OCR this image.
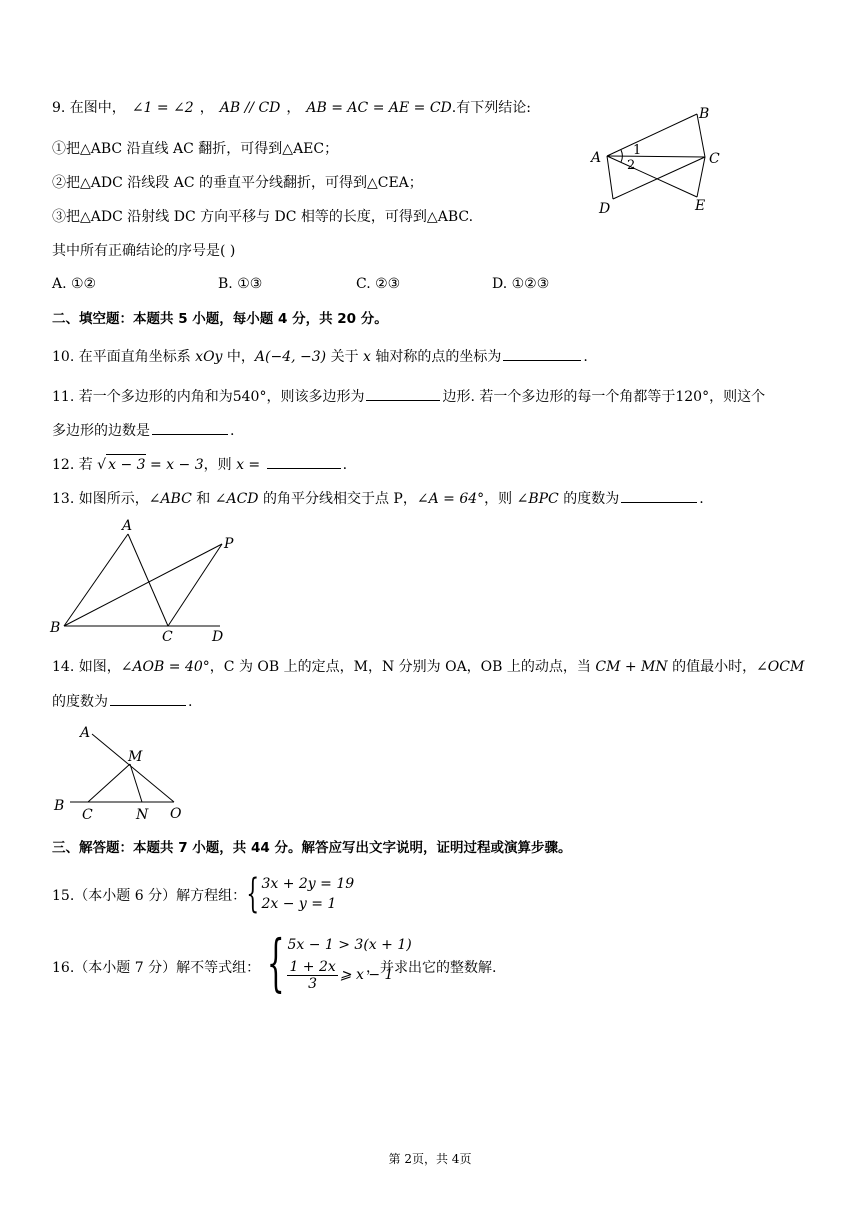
9. 在图中， ∠1 = ∠2 ， AB // CD ， AB = AC = AE = CD.有下列结论:
①把△ABC 沿直线 AC 翻折，可得到△AEC；
②把△ADC 沿线段 AC 的垂直平分线翻折，可得到△CEA；
③把△ADC 沿射线 DC 方向平移与 DC 相等的长度，可得到△ABC.
其中所有正确结论的序号是( )
A. ①②	B. ①③	C. ②③	D. ①②③
A
B
C
D	E
1
2
二、填空题：本题共 5 小题，每小题 4 分，共 20 分。
10. 在平面直角坐标系 xOy 中，A(−4, −3) 关于 x 轴对称的点的坐标为	.
11. 若一个多边形的内角和为540°，则该多边形为	边形. 若一个多边形的每一个角都等于120°，则这个
多边形的边数是	.
12. 若 √ x − 3 = x − 3，则 x =	.
13. 如图所示，∠ABC 和 ∠ACD 的角平分线相交于点 P，∠A = 64°，则 ∠BPC 的度数为	.
A
B
C	D
P
14. 如图，∠AOB = 40°，C 为 OB 上的定点，M，N 分别为 OA，OB 上的动点，当 CM + MN 的值最小时，∠OCM
的度数为	.
A
M
B
C	N O
三、解答题：本题共 7 小题，共 44 分。解答应写出文字说明，证明过程或演算步骤。
15.（本小题 6 分）解方程组： { 3x + 2y = 19
2x − y = 1
16.（本小题 7 分）解不等式组： { 5x − 1 > 3(x + 1)
$\frac{1 + 2x}{3}$ ⩾ x − 1
，并求出它的整数解.
第 2页，共 4页
